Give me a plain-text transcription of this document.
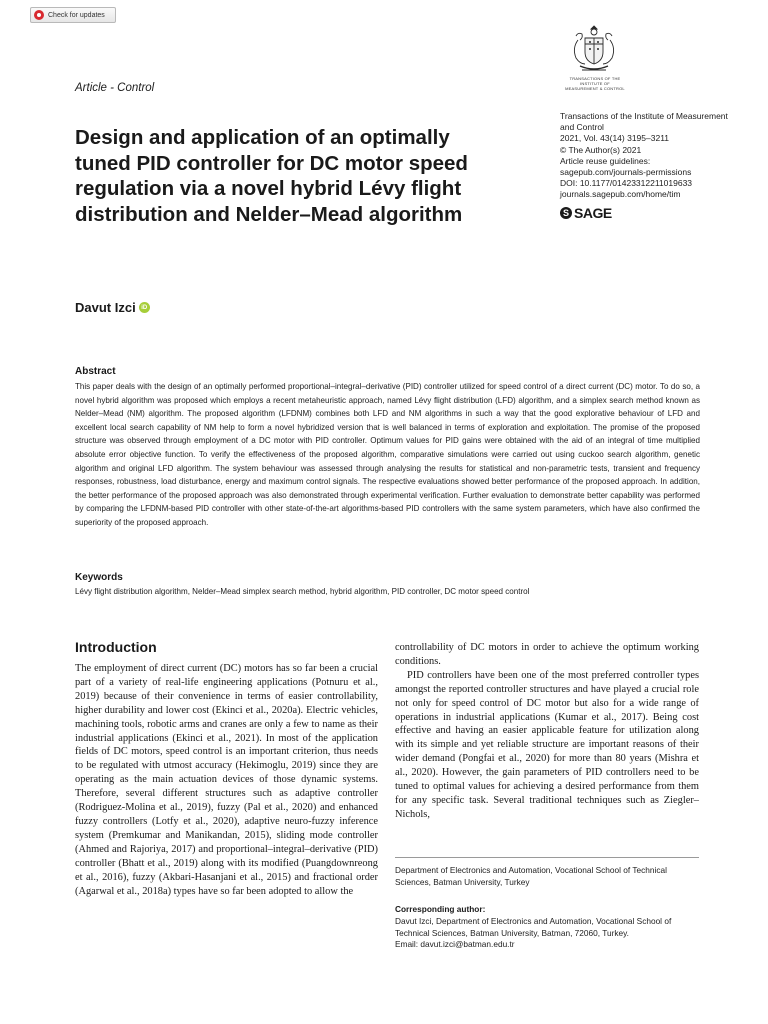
Check for updates
Article - Control
TRANSACTIONS OF THE
INSTITUTE OF
MEASUREMENT & CONTROL
Transactions of the Institute of Measurement and Control
2021, Vol. 43(14) 3195–3211
© The Author(s) 2021
Article reuse guidelines:
sagepub.com/journals-permissions
DOI: 10.1177/01423312211019633
journals.sagepub.com/home/tim
S SAGE
Design and application of an optimally tuned PID controller for DC motor speed regulation via a novel hybrid Lévy flight distribution and Nelder–Mead algorithm
Davut Izci iD
Abstract

This paper deals with the design of an optimally performed proportional–integral–derivative (PID) controller utilized for speed control of a direct current (DC) motor. To do so, a novel hybrid algorithm was proposed which employs a recent metaheuristic approach, named Lévy flight distribution (LFD) algorithm, and a simplex search method known as Nelder–Mead (NM) algorithm. The proposed algorithm (LFDNM) combines both LFD and NM algorithms in such a way that the good explorative behaviour of LFD and excellent local search capability of NM help to form a novel hybridized version that is well balanced in terms of exploration and exploitation. The promise of the proposed structure was observed through employment of a DC motor with PID controller. Optimum values for PID gains were obtained with the aid of an integral of time multiplied absolute error objective function. To verify the effectiveness of the proposed algorithm, comparative simulations were carried out using cuckoo search algorithm, genetic algorithm and original LFD algorithm. The system behaviour was assessed through analysing the results for statistical and non-parametric tests, transient and frequency responses, robustness, load disturbance, energy and maximum control signals. The respective evaluations showed better performance of the proposed approach. In addition, the better performance of the proposed approach was also demonstrated through experimental verification. Further evaluation to demonstrate better capability was performed by comparing the LFDNM-based PID controller with other state-of-the-art algorithms-based PID controllers with the same system parameters, which have also confirmed the superiority of the proposed approach.

Keywords

Lévy flight distribution algorithm, Nelder–Mead simplex search method, hybrid algorithm, PID controller, DC motor speed control

Introduction

The employment of direct current (DC) motors has so far been a crucial part of a variety of real-life engineering applications (Potnuru et al., 2019) because of their convenience in terms of easier controllability, higher durability and lower cost (Ekinci et al., 2020a). Electric vehicles, machining tools, robotic arms and cranes are only a few to name as their industrial applications (Ekinci et al., 2021). In most of the application fields of DC motors, speed control is an important criterion, thus needs to be regulated with utmost accuracy (Hekimoglu, 2019) since they are operating as the main actuation devices of those dynamic systems. Therefore, several different structures such as adaptive controller (Rodriguez-Molina et al., 2019), fuzzy (Pal et al., 2020) and enhanced fuzzy controllers (Lotfy et al., 2020), adaptive neuro-fuzzy inference system (Premkumar and Manikandan, 2015), sliding mode controller (Ahmed and Rajoriya, 2017) and proportional–integral–derivative (PID) controller (Bhatt et al., 2019) along with its modified (Puangdownreong et al., 2016), fuzzy (Akbari-Hasanjani et al., 2015) and fractional order (Agarwal et al., 2018a) types have so far been adopted to allow the

controllability of DC motors in order to achieve the optimum working conditions.

PID controllers have been one of the most preferred controller types amongst the reported controller structures and have played a crucial role not only for speed control of DC motor but also for a wide range of operations in industrial applications (Kumar et al., 2017). Being cost effective and having an easier applicable feature for utilization along with its simple and yet reliable structure are important reasons of their wider demand (Pongfai et al., 2020) for more than 80 years (Mishra et al., 2020). However, the gain parameters of PID controllers need to be tuned to optimal values for achieving a desired performance from them for any specific task. Several traditional techniques such as Ziegler–Nichols,

Department of Electronics and Automation, Vocational School of Technical Sciences, Batman University, Turkey
Corresponding author:
Davut Izci, Department of Electronics and Automation, Vocational School of Technical Sciences, Batman University, Batman, 72060, Turkey.
Email: davut.izci@batman.edu.tr
